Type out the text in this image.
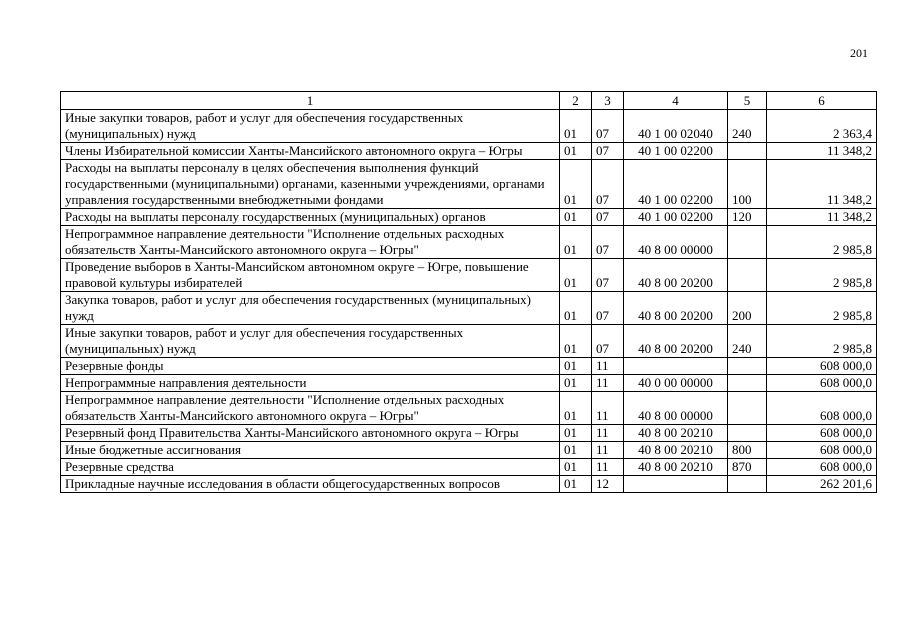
201
1	2	3	4	5	6
Иные закупки товаров, работ и услуг для обеспечения государственных (муниципальных) нужд	01	07	40 1 00 02040	240	2 363,4
Члены Избирательной комиссии Ханты-Мансийского автономного округа – Югры	01	07	40 1 00 02200		11 348,2
Расходы на выплаты персоналу в целях обеспечения выполнения функций государственными (муниципальными) органами, казенными учреждениями, органами управления государственными внебюджетными фондами	01	07	40 1 00 02200	100	11 348,2
Расходы на выплаты персоналу государственных (муниципальных) органов	01	07	40 1 00 02200	120	11 348,2
Непрограммное направление деятельности "Исполнение отдельных расходных обязательств Ханты-Мансийского автономного округа – Югры"	01	07	40 8 00 00000		2 985,8
Проведение выборов в Ханты-Мансийском автономном округе – Югре, повышение правовой культуры избирателей	01	07	40 8 00 20200		2 985,8
Закупка товаров, работ и услуг для обеспечения государственных (муниципальных) нужд	01	07	40 8 00 20200	200	2 985,8
Иные закупки товаров, работ и услуг для обеспечения государственных (муниципальных) нужд	01	07	40 8 00 20200	240	2 985,8
Резервные фонды	01	11			608 000,0
Непрограммные направления деятельности	01	11	40 0 00 00000		608 000,0
Непрограммное направление деятельности "Исполнение отдельных расходных обязательств Ханты-Мансийского автономного округа – Югры"	01	11	40 8 00 00000		608 000,0
Резервный фонд Правительства Ханты-Мансийского автономного округа – Югры	01	11	40 8 00 20210		608 000,0
Иные бюджетные ассигнования	01	11	40 8 00 20210	800	608 000,0
Резервные средства	01	11	40 8 00 20210	870	608 000,0
Прикладные научные исследования в области общегосударственных вопросов	01	12			262 201,6
